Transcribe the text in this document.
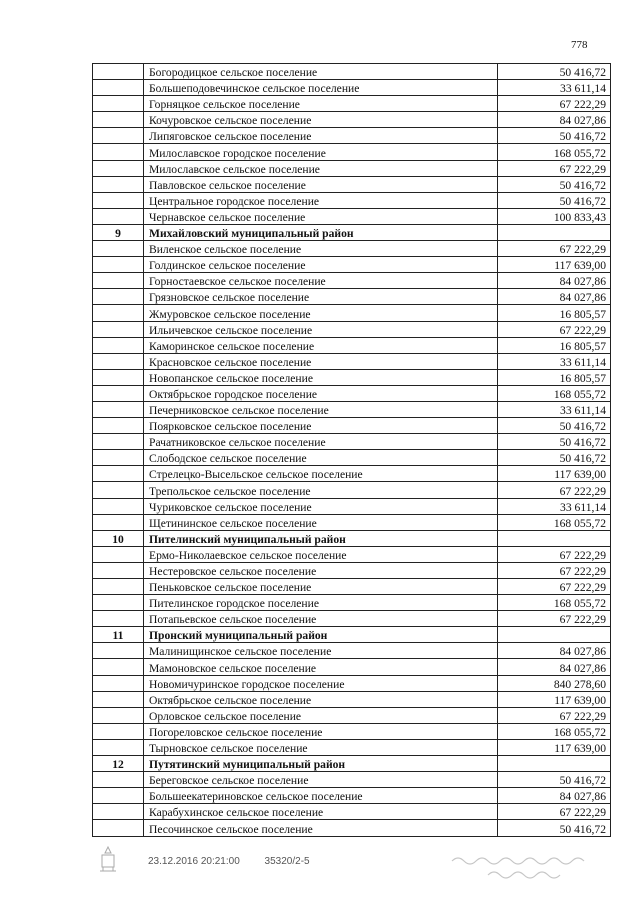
778
	Богородицкое сельское поселение	50 416,72
	Большеподовечинское сельское поселение	33 611,14
	Горняцкое сельское поселение	67 222,29
	Кочуровское сельское поселение	84 027,86
	Липяговское сельское поселение	50 416,72
	Милославское городское поселение	168 055,72
	Милославское сельское поселение	67 222,29
	Павловское сельское поселение	50 416,72
	Центральное городское поселение	50 416,72
	Чернавское сельское поселение	100 833,43
9	Михайловский муниципальный район	
	Виленское сельское поселение	67 222,29
	Голдинское сельское поселение	117 639,00
	Горностаевское сельское поселение	84 027,86
	Грязновское сельское поселение	84 027,86
	Жмуровское сельское поселение	16 805,57
	Ильичевское сельское поселение	67 222,29
	Каморинское сельское поселение	16 805,57
	Красновское сельское поселение	33 611,14
	Новопанское сельское поселение	16 805,57
	Октябрьское городское поселение	168 055,72
	Печерниковское сельское поселение	33 611,14
	Поярковское сельское поселение	50 416,72
	Рачатниковское сельское поселение	50 416,72
	Слободское сельское поселение	50 416,72
	Стрелецко-Высельское сельское поселение	117 639,00
	Трепольское сельское поселение	67 222,29
	Чуриковское сельское поселение	33 611,14
	Щетининское сельское поселение	168 055,72
10	Пителинский муниципальный район	
	Ермо-Николаевское сельское поселение	67 222,29
	Нестеровское сельское поселение	67 222,29
	Пеньковское сельское поселение	67 222,29
	Пителинское городское поселение	168 055,72
	Потапьевское сельское поселение	67 222,29
11	Пронский муниципальный район	
	Малинищинское сельское поселение	84 027,86
	Мамоновское сельское поселение	84 027,86
	Новомичуринское городское поселение	840 278,60
	Октябрьское сельское поселение	117 639,00
	Орловское сельское поселение	67 222,29
	Погореловское сельское поселение	168 055,72
	Тырновское сельское поселение	117 639,00
12	Путятинский муниципальный район	
	Береговское сельское поселение	50 416,72
	Большеекатериновское сельское поселение	84 027,86
	Карабухинское сельское поселение	67 222,29
	Песочинское сельское поселение	50 416,72
23.12.2016 20:21:00 35320/2-5
